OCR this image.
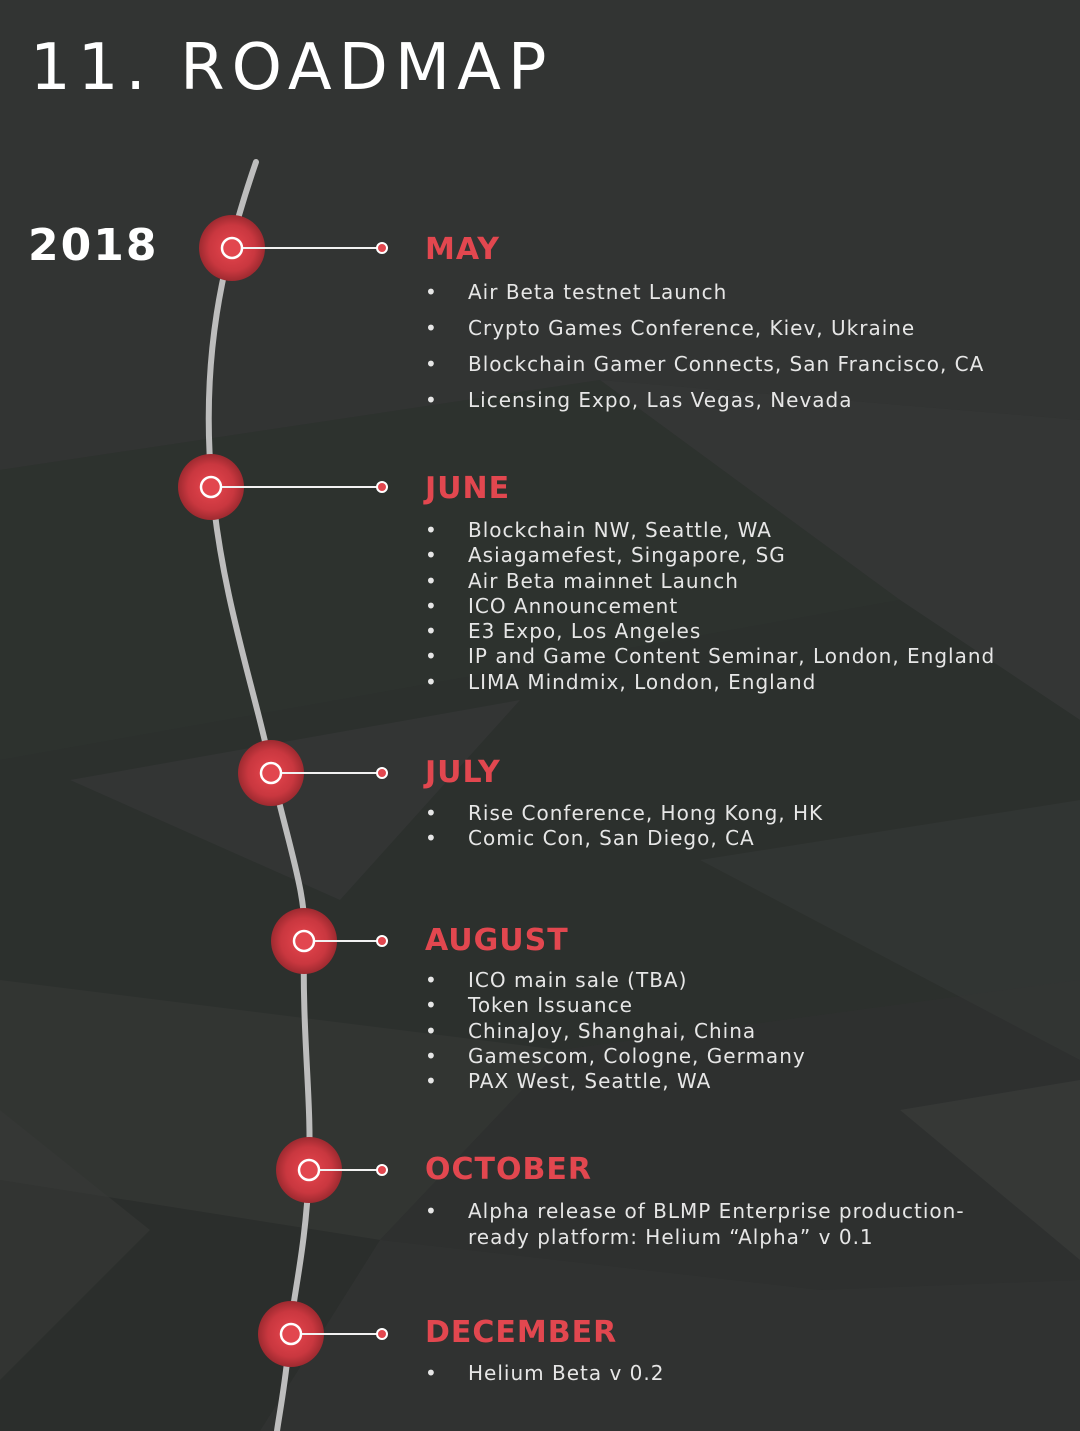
11. ROADMAP
2018	MAY
• Air Beta testnet Launch
• Crypto Games Conference, Kiev, Ukraine
• Blockchain Gamer Connects, San Francisco, CA
• Licensing Expo, Las Vegas, Nevada
JUNE
• Blockchain NW, Seattle, WA
• Asiagamefest, Singapore, SG
• Air Beta mainnet Launch
• ICO Announcement
• E3 Expo, Los Angeles
• IP and Game Content Seminar, London, England
• LIMA Mindmix, London, England
JULY
• Rise Conference, Hong Kong, HK
• Comic Con, San Diego, CA
AUGUST
• ICO main sale (TBA)
• Token Issuance
• ChinaJoy, Shanghai, China
• Gamescom, Cologne, Germany
• PAX West, Seattle, WA
OCTOBER
• Alpha release of BLMP Enterprise production-ready platform: Helium “Alpha” v 0.1
DECEMBER
• Helium Beta v 0.2
